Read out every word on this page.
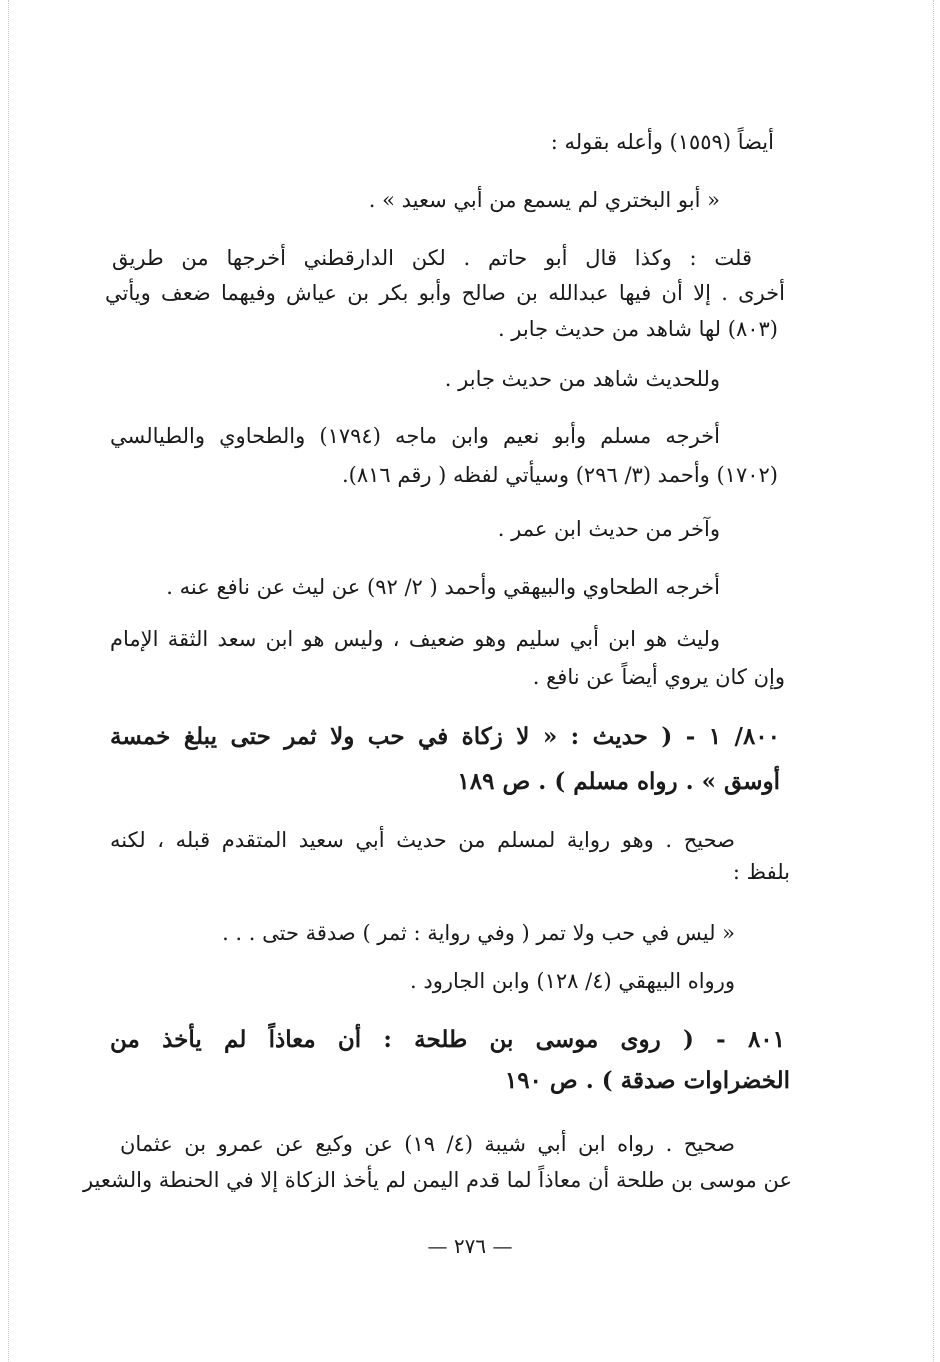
أيضاً (١٥٥٩) وأعله بقوله :
« أبو البختري لم يسمع من أبي سعيد » .
قلت : وكذا قال أبو حاتم . لكن الدارقطني أخرجها من طريق
أخرى . إلا أن فيها عبدالله بن صالح وأبو بكر بن عياش وفيهما ضعف ويأتي
(٨٠٣) لها شاهد من حديث جابر .
وللحديث شاهد من حديث جابر .
أخرجه مسلم وأبو نعيم وابن ماجه (١٧٩٤) والطحاوي والطيالسي
(١٧٠٢) وأحمد (٣/ ٢٩٦) وسيأتي لفظه ( رقم ٨١٦).
وآخر من حديث ابن عمر .
أخرجه الطحاوي والبيهقي وأحمد ( ٢/ ٩٢) عن ليث عن نافع عنه .
وليث هو ابن أبي سليم وهو ضعيف ، وليس هو ابن سعد الثقة الإمام
وإن كان يروي أيضاً عن نافع .
٨٠٠/ ١ - ( حديث : « لا زكاة في حب ولا ثمر حتى يبلغ خمسة
أوسق » . رواه مسلم ) . ص ١٨٩
صحيح . وهو رواية لمسلم من حديث أبي سعيد المتقدم قبله ، لكنه
بلفظ :
« ليس في حب ولا تمر ( وفي رواية : ثمر ) صدقة حتى . . .
ورواه البيهقي (٤/ ١٢٨) وابن الجارود .
٨٠١ - ( روى موسى بن طلحة : أن معاذاً لم يأخذ من
الخضراوات صدقة ) . ص ١٩٠
صحيح . رواه ابن أبي شيبة (٤/ ١٩) عن وكيع عن عمرو بن عثمان
عن موسى بن طلحة أن معاذاً لما قدم اليمن لم يأخذ الزكاة إلا في الحنطة والشعير
— ٢٧٦ —
